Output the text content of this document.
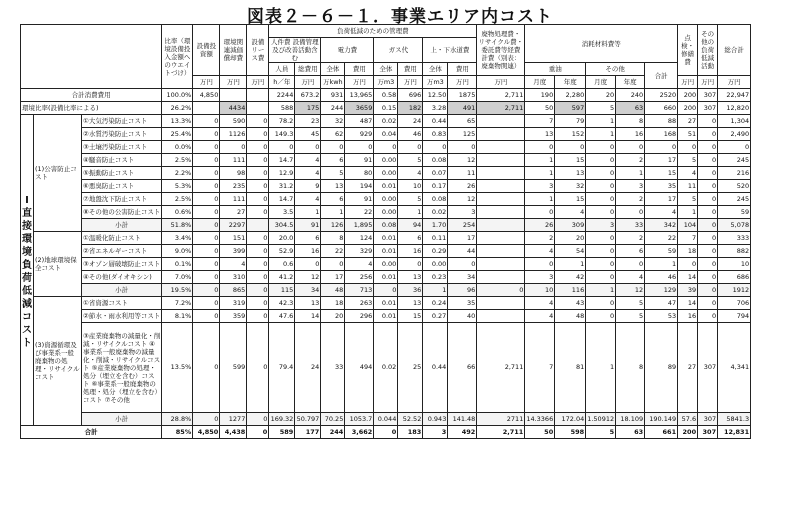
図表２－６－１．事業エリア内コスト
			比率（環境設備投入金額へのウエイトづけ）	設備投資額	環境関連減価償却費	設備リース費	負荷低減のための管理費								廃物処理費・リサイクル費・委託費等経費計費（別表：廃棄物関連）	消耗材料費等					点検・修繕費	その他の負荷低減活動	総合計
							人件費 設備管理及び改善活動含む		電力費		ガス代		上・下水道費										
							人員	総費用	全体	費用	全体	費用	全体	費用		重油		その他		合計			
				万円	万円	万円	h／年	万円	万kwh	万円	万m3	万円	万m3	万円	万円	月度	年度	月度	年度		万円	万円	万円
合計消費費用			100.0%	4,850			2244	673.2	931	13,965	0.58	696	12.50	1875	2,711	190	2,280	20	240	2520	200	307	22,947
環境比率(設備比率による)			26.2%		4434		588	175	244	3659	0.15	182	3.28	491	2,711	50	597	5	63	660	200	307	12,820
Ⅰ直接環境負荷低減コスト	(1)公害防止コスト	①大気汚染防止コスト	13.3%	0	590	0	78.2	23	32	487	0.02	24	0.44	65		7	79	1	8	88	27	0	1,304
		②水質汚染防止コスト	25.4%	0	1126	0	149.3	45	62	929	0.04	46	0.83	125		13	152	1	16	168	51	0	2,490
		③土壌汚染防止コスト	0.0%	0	0	0	0	0	0	0	0	0	0	0		0	0	0	0	0	0	0	0
		④騒音防止コスト	2.5%	0	111	0	14.7	4	6	91	0.00	5	0.08	12		1	15	0	2	17	5	0	245
		⑤振動防止コスト	2.2%	0	98	0	12.9	4	5	80	0.00	4	0.07	11		1	13	0	1	15	4	0	216
		⑥悪臭防止コスト	5.3%	0	235	0	31.2	9	13	194	0.01	10	0.17	26		3	32	0	3	35	11	0	520
		⑦地盤沈下防止コスト	2.5%	0	111	0	14.7	4	6	91	0.00	5	0.08	12		1	15	0	2	17	5	0	245
		⑧その他の公害防止コスト	0.6%	0	27	0	3.5	1	1	22	0.00	1	0.02	3		0	4	0	0	4	1	0	59
		小計	51.8%	0	2297		304.5	91	126	1,895	0.08	94	1.70	254		26	309	3	33	342	104	0	5,078
	(2)地球環境保全コスト	①温暖化防止コスト	3.4%	0	151	0	20.0	6	8	124	0.01	6	0.11	17		2	20	0	2	22	7	0	333
		②省エネルギーコスト	9.0%	0	399	0	52.9	16	22	329	0.01	16	0.29	44		4	54	0	6	59	18	0	882
		③オゾン層破壊防止コスト	0.1%	0	4	0	0.6	0	0	4	0.00	0	0.00	0		0	1	0	0	1	0	0	10
		④その他(ダイオキシン)	7.0%	0	310	0	41.2	12	17	256	0.01	13	0.23	34		3	42	0	4	46	14	0	686
		小計	19.5%	0	865	0	115	34	48	713	0	36	1	96	0	10	116	1	12	129	39	0	1912
	(3)資源循環及び事業系一般廃棄物の処理・リサイクルコスト	①省資源コスト	7.2%	0	319	0	42.3	13	18	263	0.01	13	0.24	35		4	43	0	5	47	14	0	706
		②節水・雨水利用等コスト	8.1%	0	359	0	47.6	14	20	296	0.01	15	0.27	40		4	48	0	5	53	16	0	794
		③産業廃棄物の減量化・削減・リサイクルコスト ④事業系一般廃棄物の減量化・削減・リサイクルコスト ⑤産業廃棄物の処理・処分（埋立を含む）コスト ⑥事業系一般廃棄物の処理・処分（埋立を含む）コスト ⑦その他	13.5%	0	599	0	79.4	24	33	494	0.02	25	0.44	66	2,711	7	81	1	8	89	27	307	4,341
		小計	28.8%	0	1277	0	169.32	50.797	70.25	1053.7	0.044	52.52	0.943	141.48	2711	14.3366	172.04	1.50912	18.109	190.149	57.6	307	5841.3
合計			85%	4,850	4,438	0	589	177	244	3,662	0	183	3	492	2,711	50	598	5	63	661	200	307	12,831
